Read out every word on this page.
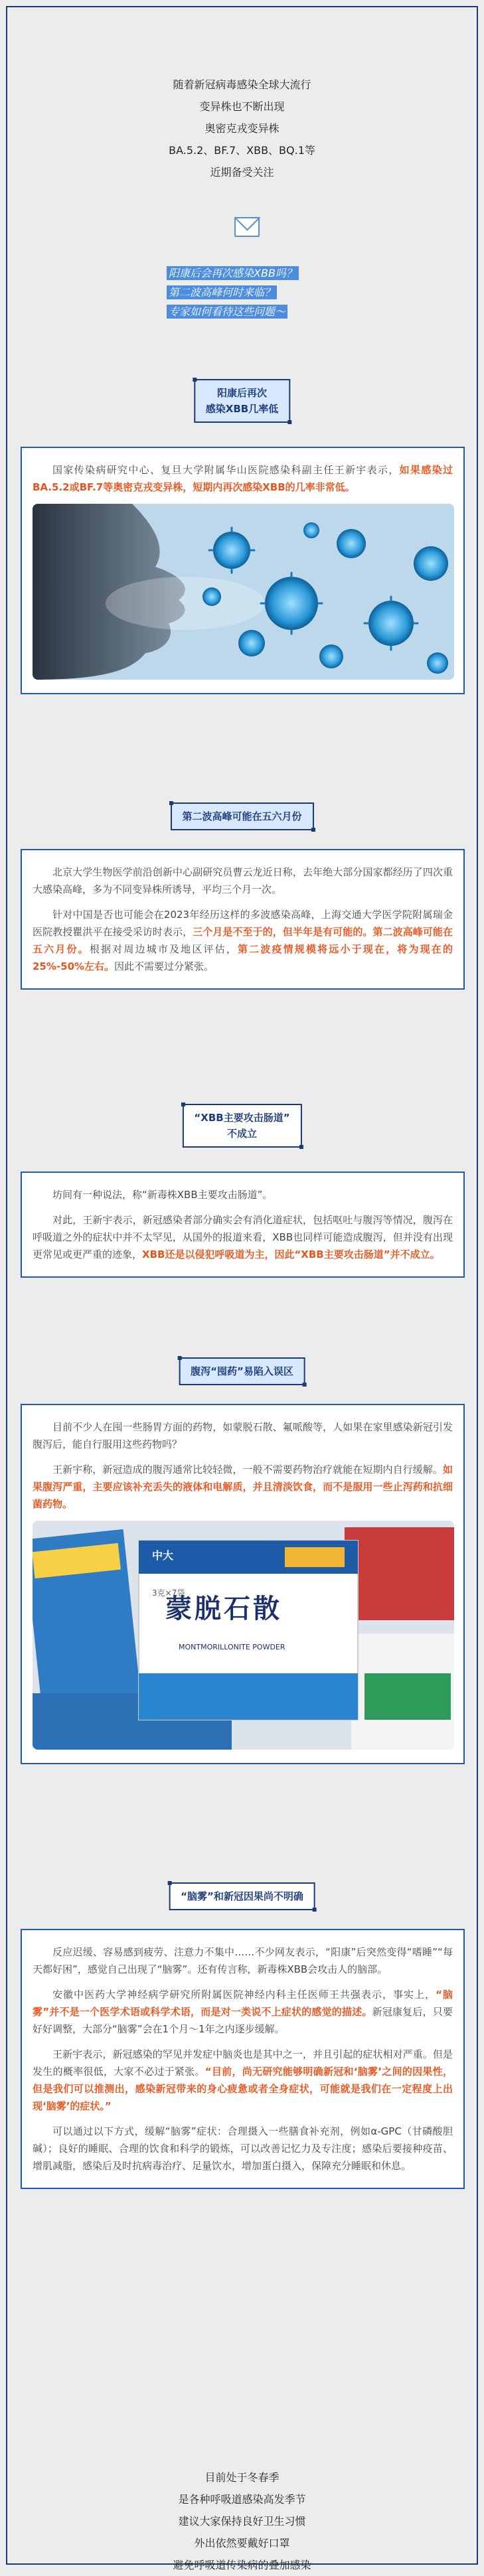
随着新冠病毒感染全球大流行
变异株也不断出现
奥密克戎变异株
BA.5.2、BF.7、XBB、BQ.1等
近期备受关注
阳康后会再次感染XBB吗？
第二波高峰何时来临？
专家如何看待这些问题～
阳康后再次
感染XBB几率低

国家传染病研究中心、复旦大学附属华山医院感染科副主任王新宇表示，如果感染过BA.5.2或BF.7等奥密克戎变异株，短期内再次感染XBB的几率非常低。

第二波高峰可能在五六月份

北京大学生物医学前沿创新中心副研究员曹云龙近日称，去年绝大部分国家都经历了四次重大感染高峰，多为不同变异株所诱导，平均三个月一次。

针对中国是否也可能会在2023年经历这样的多波感染高峰，上海交通大学医学院附属瑞金医院教授瞿洪平在接受采访时表示，三个月是不至于的，但半年是有可能的。第二波高峰可能在五六月份。根据对周边城市及地区评估，第二波疫情规模将远小于现在，将为现在的25%-50%左右。因此不需要过分紧张。

“XBB主要攻击肠道”
不成立

坊间有一种说法，称“新毒株XBB主要攻击肠道”。

对此，王新宇表示，新冠感染者部分确实会有消化道症状，包括呕吐与腹泻等情况，腹泻在呼吸道之外的症状中并不太罕见，从国外的报道来看，XBB也同样可能造成腹泻，但并没有出现更常见或更严重的迹象，XBB还是以侵犯呼吸道为主，因此“XBB主要攻击肠道”并不成立。

腹泻“囤药”易陷入误区

目前不少人在囤一些肠胃方面的药物，如蒙脱石散、氟哌酸等，人如果在家里感染新冠引发腹泻后，能自行服用这些药物吗？

王新宇称，新冠造成的腹泻通常比较轻微，一般不需要药物治疗就能在短期内自行缓解。如果腹泻严重，主要应该补充丢失的液体和电解质，并且清淡饮食，而不是服用一些止泻药和抗细菌药物。

中大
3克×7袋
蒙脱石散
MONTMORILLONITE POWDER
“脑雾”和新冠因果尚不明确

反应迟缓、容易感到疲劳、注意力不集中……不少网友表示，“阳康”后突然变得“嗜睡”“每天都好困”，感觉自己出现了“脑雾”。还有传言称，新毒株XBB会攻击人的脑部。

安徽中医药大学神经病学研究所附属医院神经内科主任医师王共强表示，事实上，“脑雾”并不是一个医学术语或科学术语，而是对一类说不上症状的感觉的描述。新冠康复后，只要好好调整，大部分“脑雾”会在1个月～1年之内逐步缓解。

王新宇表示，新冠感染的罕见并发症中脑炎也是其中之一，并且引起的症状相对严重。但是发生的概率很低，大家不必过于紧张。“目前，尚无研究能够明确新冠和‘脑雾’之间的因果性，但是我们可以推测出，感染新冠带来的身心疲惫或者全身症状，可能就是我们在一定程度上出现‘脑雾’的症状。”

可以通过以下方式，缓解“脑雾”症状：合理摄入一些膳食补充剂，例如α-GPC（甘磷酸胆碱）；良好的睡眠、合理的饮食和科学的锻炼，可以改善记忆力及专注度；感染后要接种疫苗、增肌减脂，感染后及时抗病毒治疗、足量饮水，增加蛋白摄入，保障充分睡眠和休息。

目前处于冬春季
是各种呼吸道感染高发季节
建议大家保持良好卫生习惯
外出依然要戴好口罩
避免呼吸道传染病的叠加感染
